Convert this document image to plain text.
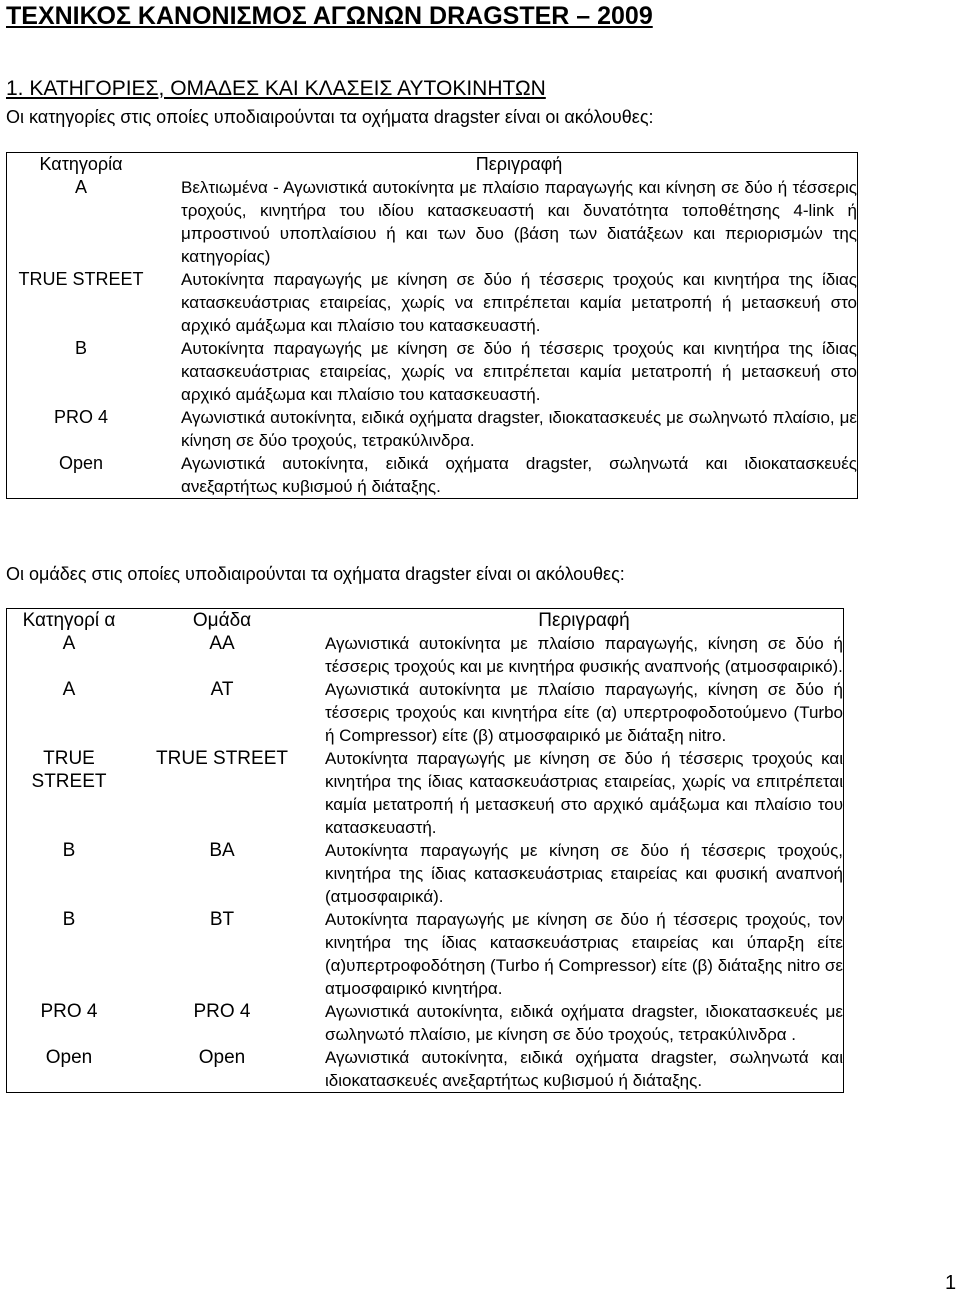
ΤΕΧΝΙΚΟΣ ΚΑΝΟΝΙΣΜΟΣ ΑΓΩΝΩΝ DRAGSTER – 2009
1. ΚΑΤΗΓΟΡΙΕΣ, ΟΜΑΔΕΣ ΚΑΙ ΚΛΑΣΕΙΣ ΑΥΤΟΚΙΝΗΤΩΝ
Οι κατηγορίες στις οποίες υποδιαιρούνται τα οχήματα dragster είναι οι ακόλουθες:
Κατηγορία	Περιγραφή
A	Βελτιωμένα - Αγωνιστικά αυτοκίνητα με πλαίσιο παραγωγής και κίνηση σε δύο ή τέσσερις τροχούς, κινητήρα του ιδίου κατασκευαστή και δυνατότητα τοποθέτησης 4-link ή μπροστινού υποπλαίσιου ή και των δυο (βάση των διατάξεων και περιορισμών της κατηγορίας)
TRUE STREET	Αυτοκίνητα παραγωγής με κίνηση σε δύο ή τέσσερις τροχούς και κινητήρα της ίδιας κατασκευάστριας εταιρείας, χωρίς να επιτρέπεται καμία μετατροπή ή μετασκευή στο αρχικό αμάξωμα και πλαίσιο του κατασκευαστή.
B	Αυτοκίνητα παραγωγής με κίνηση σε δύο ή τέσσερις τροχούς και κινητήρα της ίδιας κατασκευάστριας εταιρείας, χωρίς να επιτρέπεται καμία μετατροπή ή μετασκευή στο αρχικό αμάξωμα και πλαίσιο του κατασκευαστή.
PRO 4	Αγωνιστικά αυτοκίνητα, ειδικά οχήματα dragster, ιδιοκατασκευές με σωληνωτό πλαίσιο, με κίνηση σε δύο τροχούς, τετρακύλινδρα.
Open	Αγωνιστικά αυτοκίνητα, ειδικά οχήματα dragster, σωληνωτά και ιδιοκατασκευές ανεξαρτήτως κυβισμού ή διάταξης.
Οι ομάδες στις οποίες υποδιαιρούνται τα οχήματα dragster είναι οι ακόλουθες:
Κατηγορί α	Ομάδα	Περιγραφή
A	AA	Αγωνιστικά αυτοκίνητα με πλαίσιο παραγωγής, κίνηση σε δύο ή τέσσερις τροχούς και με κινητήρα φυσικής αναπνοής (ατμοσφαιρικό).
A	AT	Αγωνιστικά αυτοκίνητα με πλαίσιο παραγωγής, κίνηση σε δύο ή τέσσερις τροχούς και κινητήρα είτε (α) υπερτροφοδοτούμενο (Turbo ή Compressor) είτε (β) ατμοσφαιρικό με διάταξη nitro.
TRUE STREET	TRUE STREET	Αυτοκίνητα παραγωγής με κίνηση σε δύο ή τέσσερις τροχούς και κινητήρα της ίδιας κατασκευάστριας εταιρείας, χωρίς να επιτρέπεται καμία μετατροπή ή μετασκευή στο αρχικό αμάξωμα και πλαίσιο του κατασκευαστή.
B	BA	Αυτοκίνητα παραγωγής με κίνηση σε δύο ή τέσσερις τροχούς, κινητήρα της ίδιας κατασκευάστριας εταιρείας και φυσική αναπνοή (ατμοσφαιρικά).
B	BT	Αυτοκίνητα παραγωγής με κίνηση σε δύο ή τέσσερις τροχούς, τον κινητήρα της ίδιας κατασκευάστριας εταιρείας και ύπαρξη είτε (α)υπερτροφοδότηση (Turbo ή Compressor) είτε (β) διάταξης nitro σε ατμοσφαιρικό κινητήρα.
PRO 4	PRO 4	Αγωνιστικά αυτοκίνητα, ειδικά οχήματα dragster, ιδιοκατασκευές με σωληνωτό πλαίσιο, με κίνηση σε δύο τροχούς, τετρακύλινδρα .
Open	Open	Αγωνιστικά αυτοκίνητα, ειδικά οχήματα dragster, σωληνωτά και ιδιοκατασκευές ανεξαρτήτως κυβισμού ή διάταξης.
1
